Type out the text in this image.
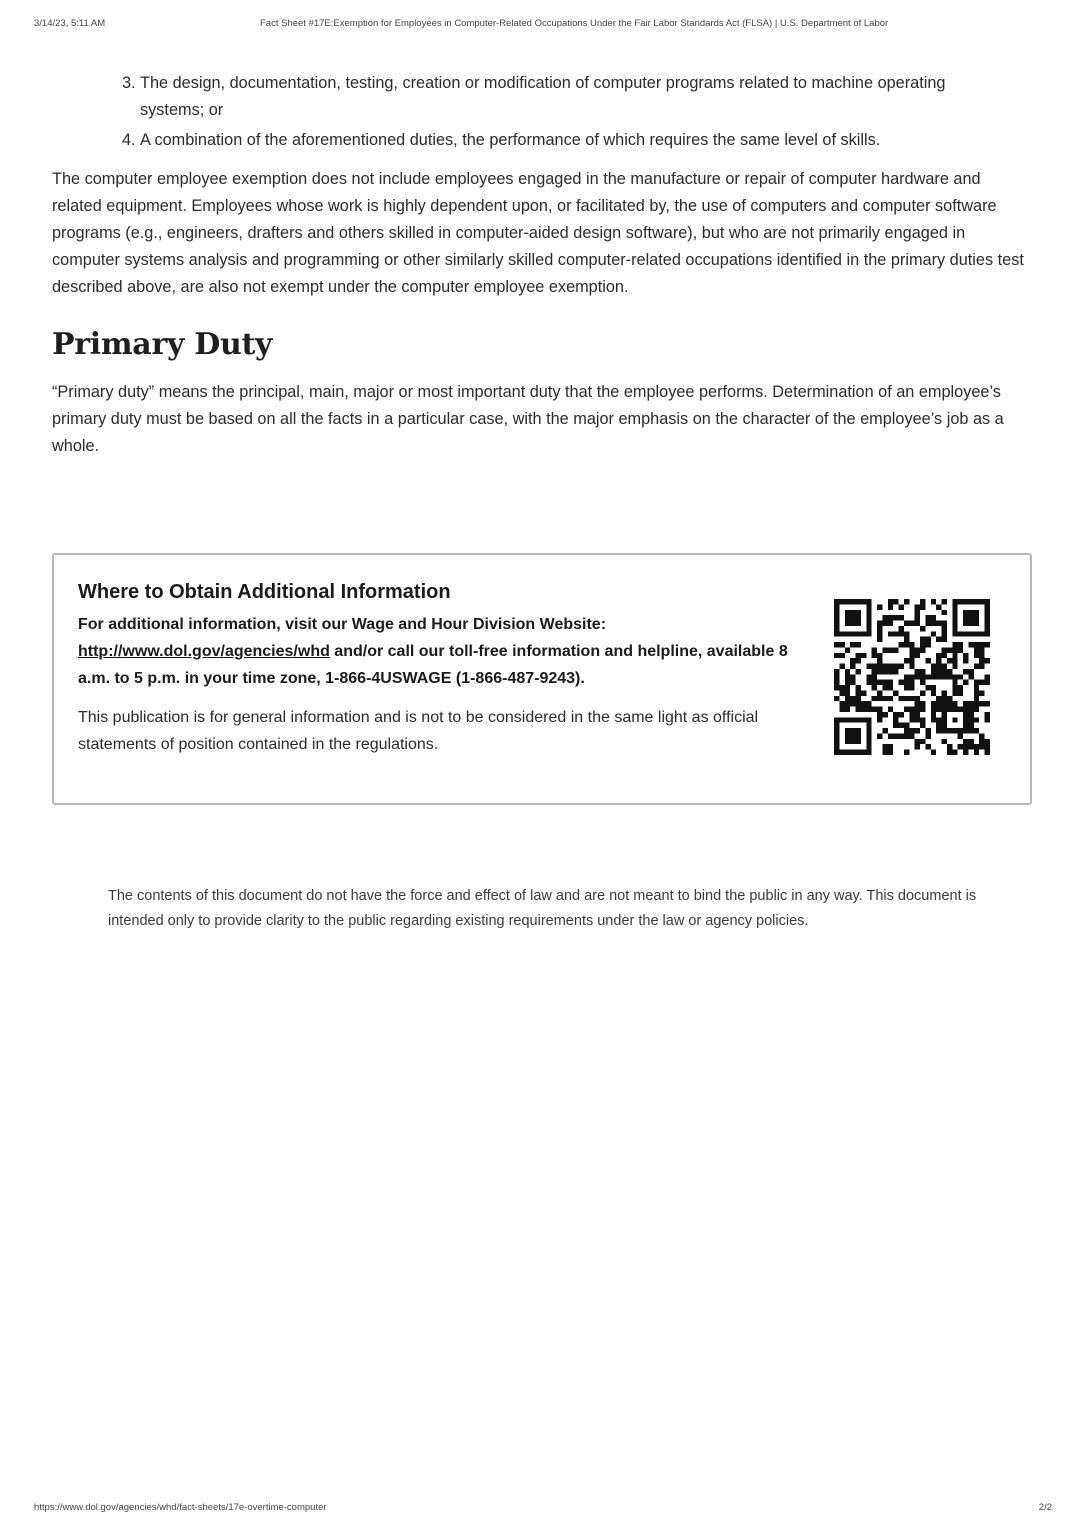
3/14/23, 5:11 AM	Fact Sheet #17E:Exemption for Employees in Computer-Related Occupations Under the Fair Labor Standards Act (FLSA) | U.S. Department of Labor
3. The design, documentation, testing, creation or modification of computer programs related to machine operating systems; or
4. A combination of the aforementioned duties, the performance of which requires the same level of skills.

The computer employee exemption does not include employees engaged in the manufacture or repair of computer hardware and related equipment. Employees whose work is highly dependent upon, or facilitated by, the use of computers and computer software programs (e.g., engineers, drafters and others skilled in computer-aided design software), but who are not primarily engaged in computer systems analysis and programming or other similarly skilled computer-related occupations identified in the primary duties test described above, are also not exempt under the computer employee exemption.

Primary Duty

“Primary duty” means the principal, main, major or most important duty that the employee performs. Determination of an employee’s primary duty must be based on all the facts in a particular case, with the major emphasis on the character of the employee’s job as a whole.

Where to Obtain Additional Information

For additional information, visit our Wage and Hour Division Website:
http://www.dol.gov/agencies/whd and/or call our toll-free information and helpline, available 8 a.m. to 5 p.m. in your time zone, 1-866-4USWAGE (1-866-487-9243).

This publication is for general information and is not to be considered in the same light as official statements of position contained in the regulations.

The contents of this document do not have the force and effect of law and are not meant to bind the public in any way. This document is intended only to provide clarity to the public regarding existing requirements under the law or agency policies.
https://www.dol.gov/agencies/whd/fact-sheets/17e-overtime-computer	2/2
